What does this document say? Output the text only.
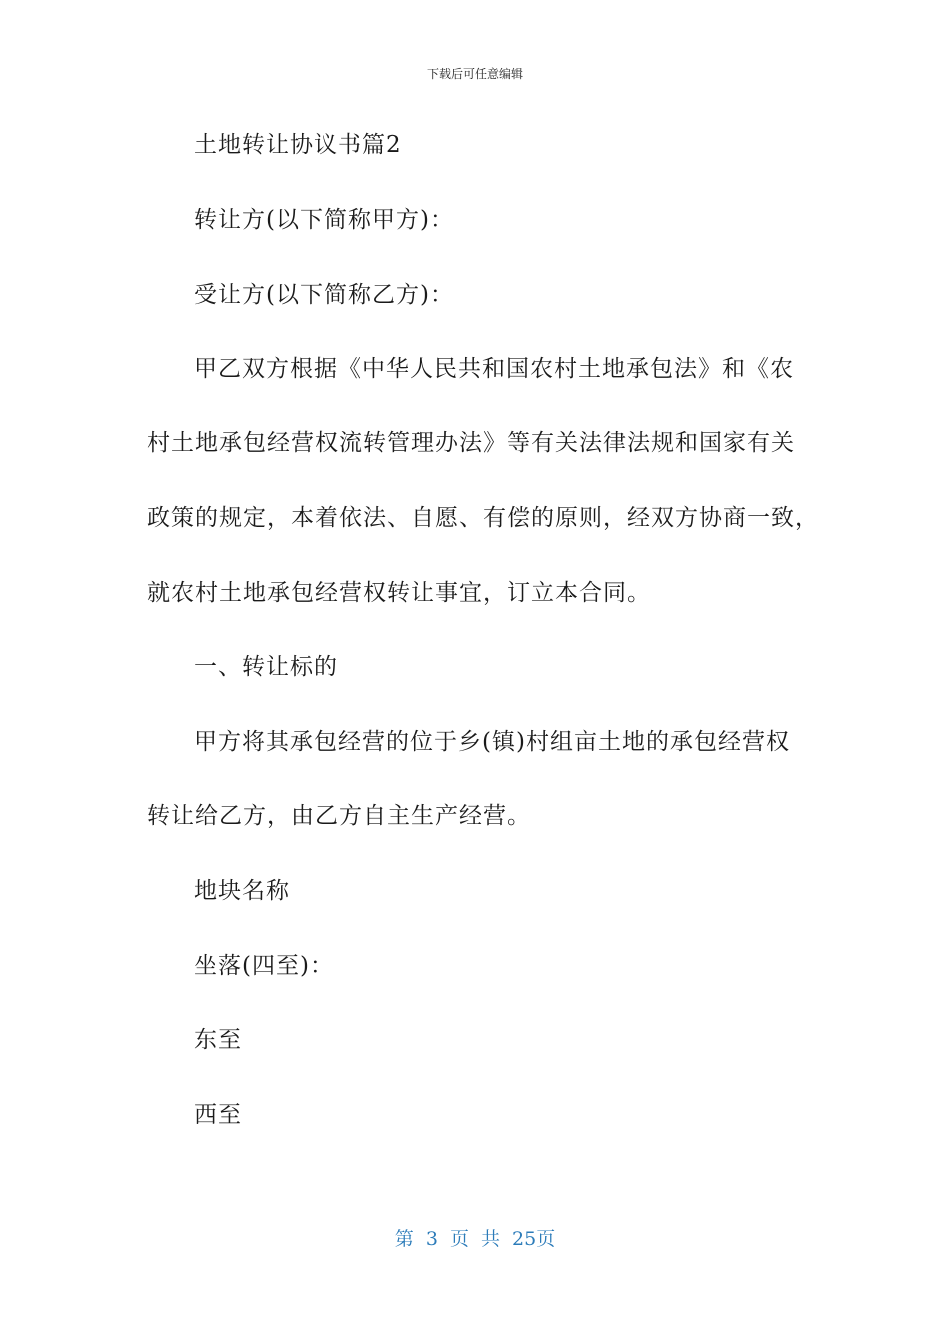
下载后可任意编辑
土地转让协议书篇2
转让方(以下简称甲方)：
受让方(以下简称乙方)：
甲乙双方根据《中华人民共和国农村土地承包法》和《农
村土地承包经营权流转管理办法》等有关法律法规和国家有关
政策的规定，本着依法、自愿、有偿的原则，经双方协商一致，
就农村土地承包经营权转让事宜，订立本合同。
一、转让标的
甲方将其承包经营的位于乡(镇)村组亩土地的承包经营权
转让给乙方，由乙方自主生产经营。
地块名称
坐落(四至)：
东至
西至
第 3 页 共 25页
